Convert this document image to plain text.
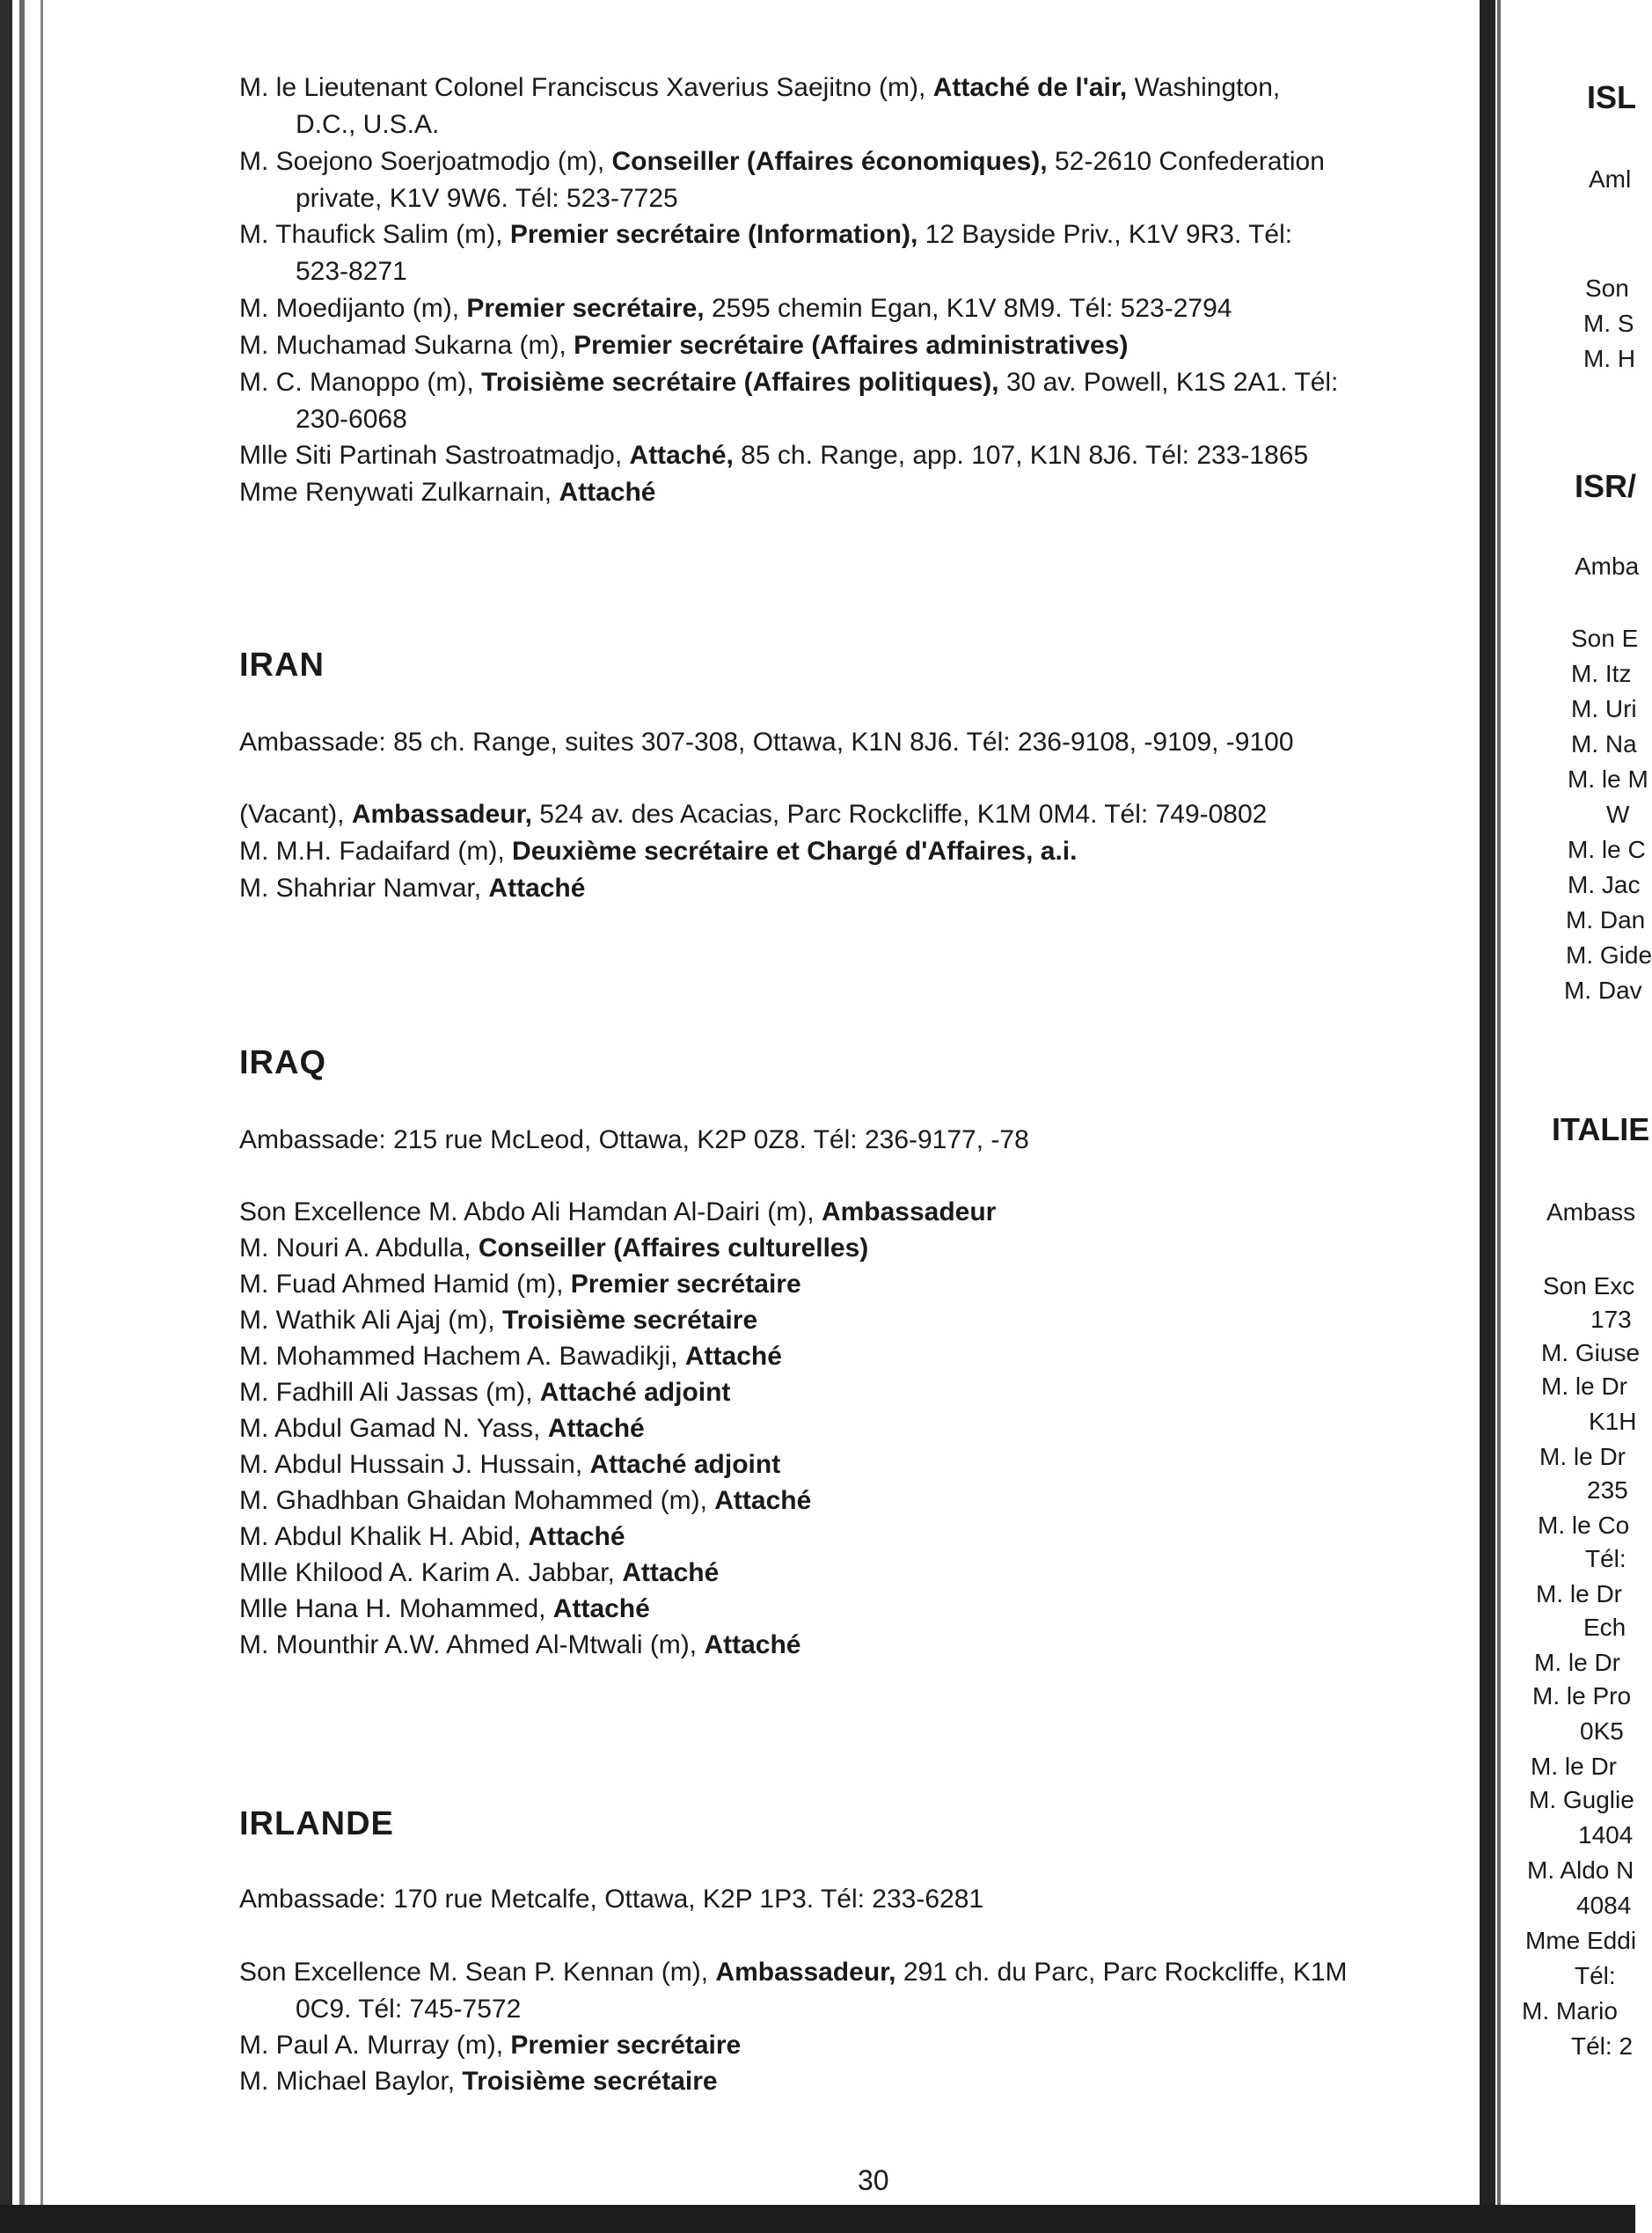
M. le Lieutenant Colonel Franciscus Xaverius Saejitno (m), Attaché de l'air, Washington,
D.C., U.S.A.
M. Soejono Soerjoatmodjo (m), Conseiller (Affaires économiques), 52-2610 Confederation
private, K1V 9W6. Tél: 523-7725
M. Thaufick Salim (m), Premier secrétaire (Information), 12 Bayside Priv., K1V 9R3. Tél:
523-8271
M. Moedijanto (m), Premier secrétaire, 2595 chemin Egan, K1V 8M9. Tél: 523-2794
M. Muchamad Sukarna (m), Premier secrétaire (Affaires administratives)
M. C. Manoppo (m), Troisième secrétaire (Affaires politiques), 30 av. Powell, K1S 2A1. Tél:
230-6068
Mlle Siti Partinah Sastroatmadjo, Attaché, 85 ch. Range, app. 107, K1N 8J6. Tél: 233-1865
Mme Renywati Zulkarnain, Attaché
IRAN
Ambassade: 85 ch. Range, suites 307-308, Ottawa, K1N 8J6. Tél: 236-9108, -9109, -9100
(Vacant), Ambassadeur, 524 av. des Acacias, Parc Rockcliffe, K1M 0M4. Tél: 749-0802
M. M.H. Fadaifard (m), Deuxième secrétaire et Chargé d'Affaires, a.i.
M. Shahriar Namvar, Attaché
IRAQ
Ambassade: 215 rue McLeod, Ottawa, K2P 0Z8. Tél: 236-9177, -78
Son Excellence M. Abdo Ali Hamdan Al-Dairi (m), Ambassadeur
M. Nouri A. Abdulla, Conseiller (Affaires culturelles)
M. Fuad Ahmed Hamid (m), Premier secrétaire
M. Wathik Ali Ajaj (m), Troisième secrétaire
M. Mohammed Hachem A. Bawadikji, Attaché
M. Fadhill Ali Jassas (m), Attaché adjoint
M. Abdul Gamad N. Yass, Attaché
M. Abdul Hussain J. Hussain, Attaché adjoint
M. Ghadhban Ghaidan Mohammed (m), Attaché
M. Abdul Khalik H. Abid, Attaché
Mlle Khilood A. Karim A. Jabbar, Attaché
Mlle Hana H. Mohammed, Attaché
M. Mounthir A.W. Ahmed Al-Mtwali (m), Attaché
IRLANDE
Ambassade: 170 rue Metcalfe, Ottawa, K2P 1P3. Tél: 233-6281
Son Excellence M. Sean P. Kennan (m), Ambassadeur, 291 ch. du Parc, Parc Rockcliffe, K1M
0C9. Tél: 745-7572
M. Paul A. Murray (m), Premier secrétaire
M. Michael Baylor, Troisième secrétaire
30
ISL
Aml
Son
M. S
M. H
ISR/
Amba
Son E
M. Itz
M. Uri
M. Na
M. le M
W
M. le C
M. Jac
M. Dan
M. Gide
M. Dav
ITALIE
Ambass
Son Exc
173
M. Giuse
M. le Dr
K1H
M. le Dr
235
M. le Co
Tél:
M. le Dr
Ech
M. le Dr
M. le Pro
0K5
M. le Dr
M. Guglie
1404
M. Aldo N
4084
Mme Eddi
Tél:
M. Mario
Tél: 2
